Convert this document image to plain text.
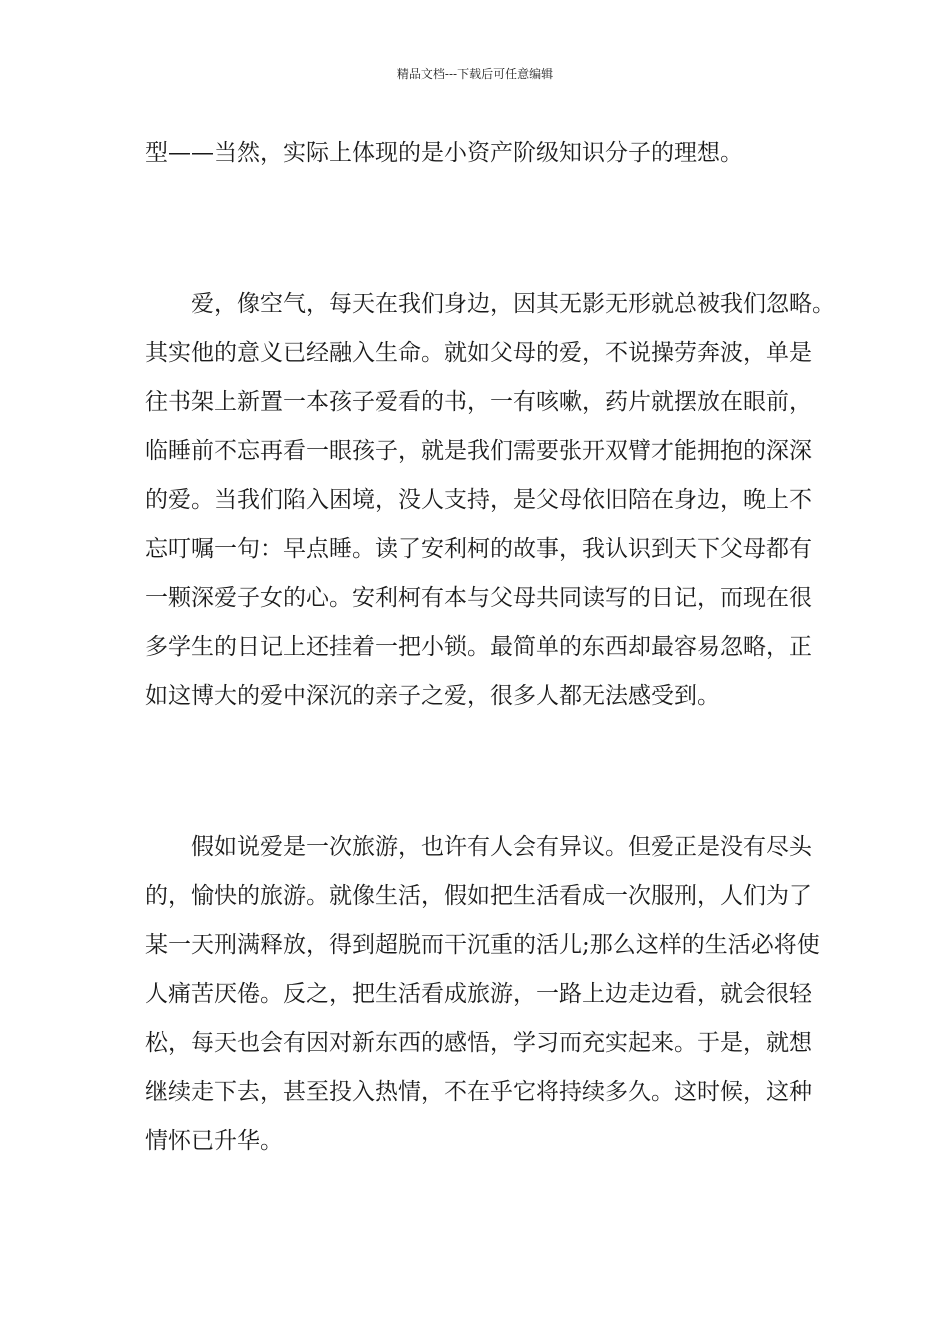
精品文档---下载后可任意编辑
型——当然，实际上体现的是小资产阶级知识分子的理想。
爱，像空气，每天在我们身边，因其无影无形就总被我们忽略。
其实他的意义已经融入生命。就如父母的爱，不说操劳奔波，单是
往书架上新置一本孩子爱看的书，一有咳嗽，药片就摆放在眼前，
临睡前不忘再看一眼孩子，就是我们需要张开双臂才能拥抱的深深
的爱。当我们陷入困境，没人支持，是父母依旧陪在身边，晚上不
忘叮嘱一句：早点睡。读了安利柯的故事，我认识到天下父母都有
一颗深爱子女的心。安利柯有本与父母共同读写的日记，而现在很
多学生的日记上还挂着一把小锁。最简单的东西却最容易忽略，正
如这博大的爱中深沉的亲子之爱，很多人都无法感受到。
假如说爱是一次旅游，也许有人会有异议。但爱正是没有尽头
的，愉快的旅游。就像生活，假如把生活看成一次服刑，人们为了
某一天刑满释放，得到超脱而干沉重的活儿;那么这样的生活必将使
人痛苦厌倦。反之，把生活看成旅游，一路上边走边看，就会很轻
松，每天也会有因对新东西的感悟，学习而充实起来。于是，就想
继续走下去，甚至投入热情，不在乎它将持续多久。这时候，这种
情怀已升华。
